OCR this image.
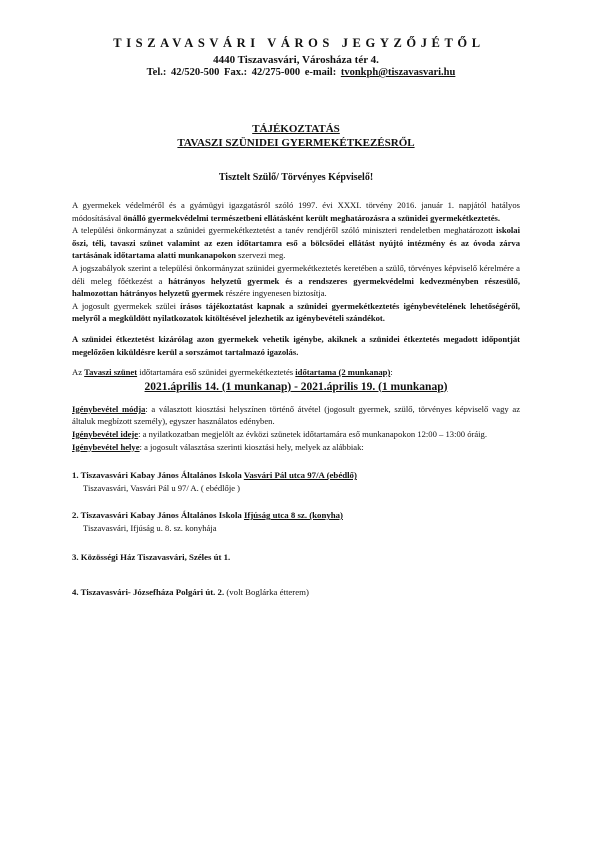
TISZAVASVÁRI VÁROS JEGYZŐJÉTŐL
4440 Tiszavasvári, Városháza tér 4.
Tel.: 42/520-500 Fax.: 42/275-000 e-mail: tvonkph@tiszavasvari.hu
TÁJÉKOZTATÁS
TAVASZI SZÜNIDEI GYERMEKÉTKEZÉSRŐL
Tisztelt Szülő/ Törvényes Képviselő!

A gyermekek védelméről és a gyámügyi igazgatásról szóló 1997. évi XXXI. törvény 2016. január 1. napjától hatályos módosításával önálló gyermekvédelmi természetbeni ellátásként került meghatározásra a szünidei gyermekétkeztetés.

A települési önkormányzat a szünidei gyermekétkeztetést a tanév rendjéről szóló miniszteri rendeletben meghatározott iskolai őszi, téli, tavaszi szünet valamint az ezen időtartamra eső a bölcsődei ellátást nyújtó intézmény és az óvoda zárva tartásának időtartama alatti munkanapokon szervezi meg.

A jogszabályok szerint a települési önkormányzat szünidei gyermekétkeztetés keretében a szülő, törvényes képviselő kérelmére a déli meleg főétkezést a hátrányos helyzetű gyermek és a rendszeres gyermekvédelmi kedvezményben részesülő, halmozottan hátrányos helyzetű gyermek részére ingyenesen biztosítja.

A jogosult gyermekek szülei írásos tájékoztatást kapnak a szünidei gyermekétkeztetés igénybevételének lehetőségéről, melyről a megküldött nyilatkozatok kitöltésével jelezhetik az igénybevételi szándékot.

A szünidei étkeztetést kizárólag azon gyermekek vehetik igénybe, akiknek a szünidei étkeztetés megadott időpontját megelőzően kiküldésre kerül a sorszámot tartalmazó igazolás.

Az Tavaszi szünet időtartamára eső szünidei gyermekétkeztetés időtartama (2 munkanap):

2021.április 14. (1 munkanap) - 2021.április 19. (1 munkanap)

Igénybevétel módja: a választott kiosztási helyszínen történő átvétel (jogosult gyermek, szülő, törvényes képviselő vagy az általuk megbízott személy), egyszer használatos edényben.

Igénybevétel ideje: a nyilatkozatban megjelölt az évközi szünetek időtartamára eső munkanapokon 12:00 – 13:00 óráig.

Igénybevétel helye: a jogosult választása szerinti kiosztási hely, melyek az alábbiak:

1. Tiszavasvári Kabay János Általános Iskola Vasvári Pál utca 97/A (ebédlő)
Tiszavasvári, Vasvári Pál u 97/ A. ( ebédlője )
2. Tiszavasvári Kabay János Általános Iskola Ifjúság utca 8 sz. (konyha)
Tiszavasvári, Ifjúság u. 8. sz. konyhája
3. Közösségi Ház Tiszavasvári, Széles út 1.
4. Tiszavasvári- Józsefháza Polgári út. 2. (volt Boglárka étterem)
